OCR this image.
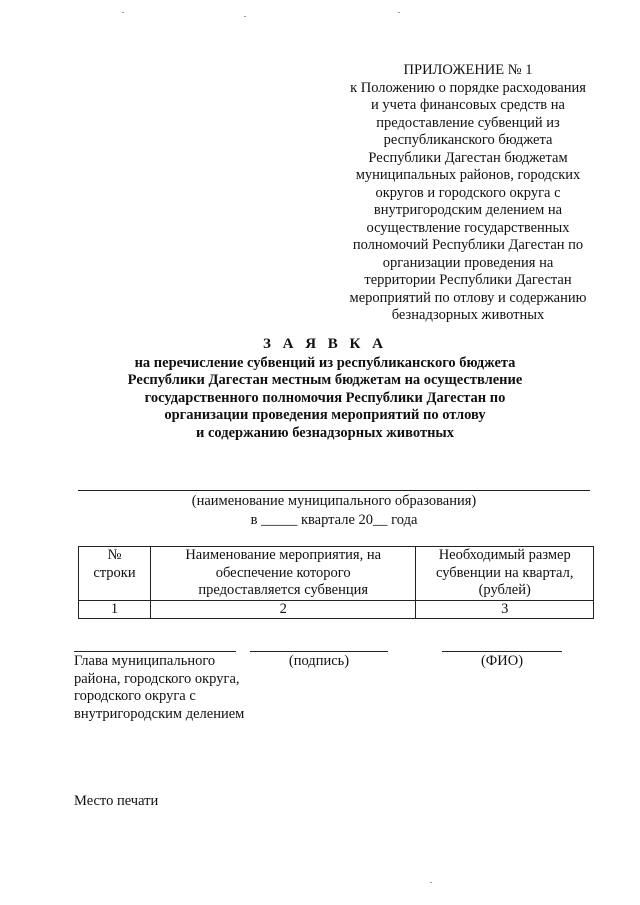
ПРИЛОЖЕНИЕ № 1
к Положению о порядке расходования
и учета финансовых средств на
предоставление субвенций из
республиканского бюджета
Республики Дагестан бюджетам
муниципальных районов, городских
округов и городского округа с
внутригородским делением на
осуществление государственных
полномочий Республики Дагестан по
организации проведения на
территории Республики Дагестан
мероприятий по отлову и содержанию
безнадзорных животных
З А Я В К А
на перечисление субвенций из республиканского бюджета
Республики Дагестан местным бюджетам на осуществление
государственного полномочия Республики Дагестан по
организации проведения мероприятий по отлову
и содержанию безнадзорных животных
(наименование муниципального образования)
в _____ квартале 20__ года
№ строки	Наименование мероприятия, на обеспечение которого предоставляется субвенция	Необходимый размер субвенции на квартал, (рублей)
1	2	3
Глава муниципального района, городского округа, городского округа с внутригородским делением
(подпись)	(ФИО)
Место печати
